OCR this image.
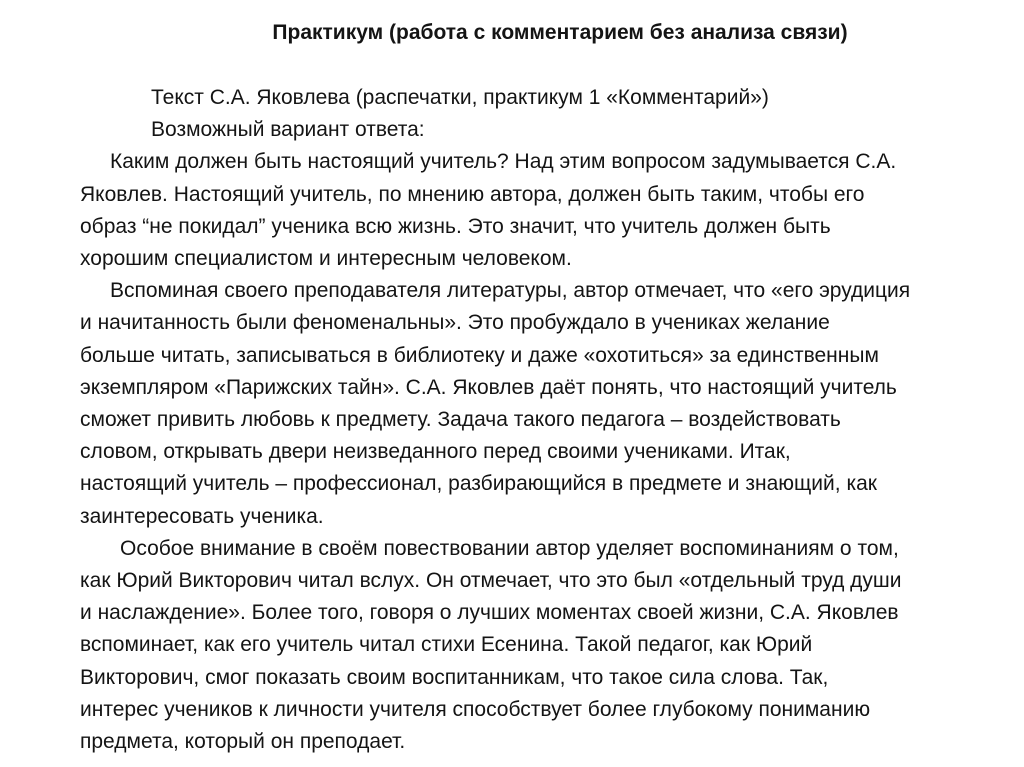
Практикум (работа с комментарием без анализа связи)

Текст С.А. Яковлева (распечатки, практикум 1 «Комментарий»)

Возможный вариант ответа:

Каким должен быть настоящий учитель? Над этим вопросом задумывается С.А.
Яковлев. Настоящий учитель, по мнению автора, должен быть таким, чтобы его
образ “не покидал” ученика всю жизнь. Это значит, что учитель должен быть
хорошим специалистом и интересным человеком.

Вспоминая своего преподавателя литературы, автор отмечает, что «его эрудиция
и начитанность были феноменальны». Это пробуждало в учениках желание
больше читать, записываться в библиотеку и даже «охотиться» за единственным
экземпляром «Парижских тайн». С.А. Яковлев даёт понять, что настоящий учитель
сможет привить любовь к предмету. Задача такого педагога – воздействовать
словом, открывать двери неизведанного перед своими учениками. Итак,
настоящий учитель – профессионал, разбирающийся в предмете и знающий, как
заинтересовать ученика.

Особое внимание в своём повествовании автор уделяет воспоминаниям о том,
как Юрий Викторович читал вслух. Он отмечает, что это был «отдельный труд души
и наслаждение». Более того, говоря о лучших моментах своей жизни, С.А. Яковлев
вспоминает, как его учитель читал стихи Есенина. Такой педагог, как Юрий
Викторович, смог показать своим воспитанникам, что такое сила слова. Так,
интерес учеников к личности учителя способствует более глубокому пониманию
предмета, который он преподает.
